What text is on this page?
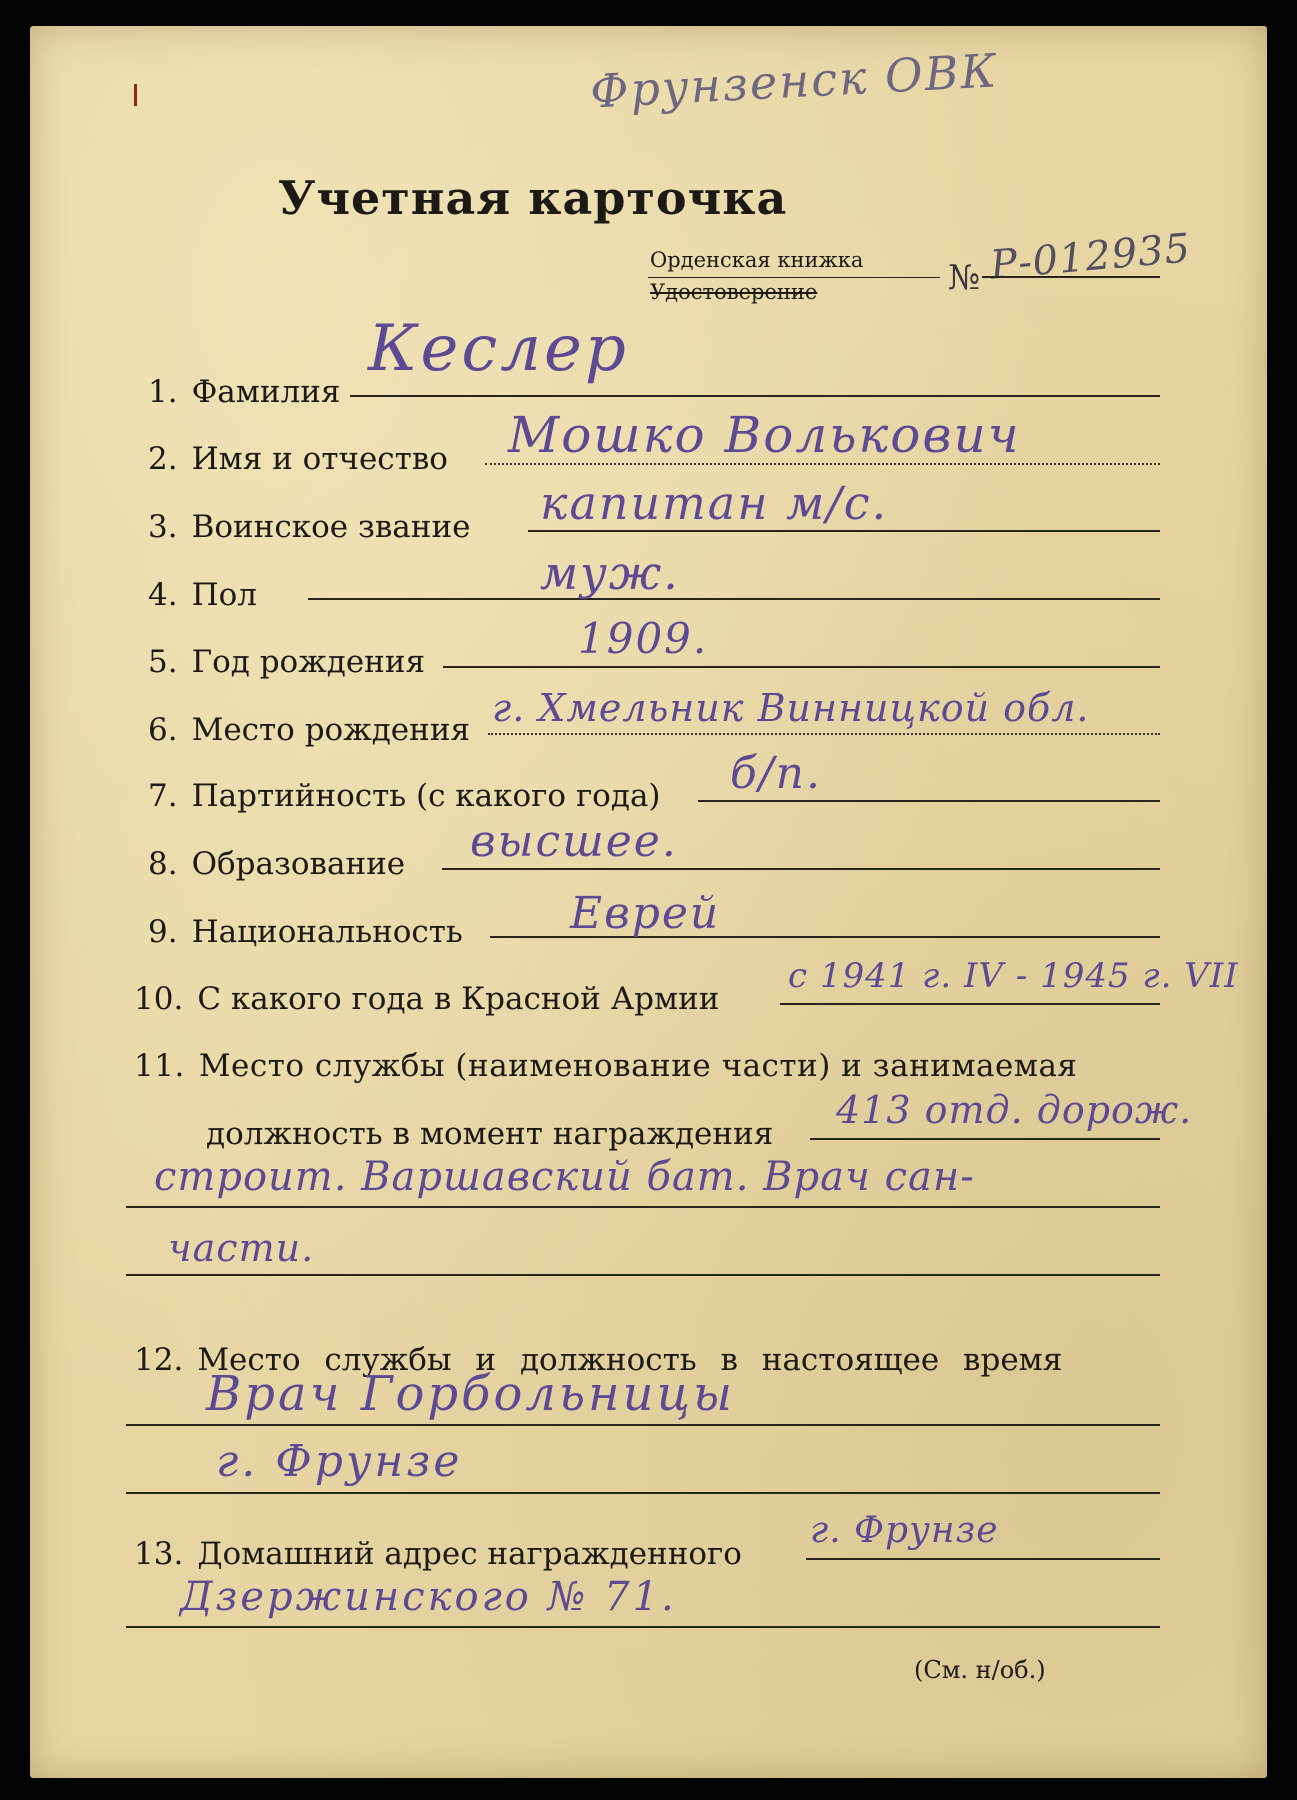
Фрунзенск ОВК
Учетная карточка
Орденская книжка
Удостоверение	№ Р-012935
1. Фамилия
Кеслер
2. Имя и отчество Мошко Волькович
3. Воинское звание капитан м/с.
4. Пол	муж.
5. Год рождения	1909.
6. Место рождения г. Хмельник Винницкой обл.
7. Партийность (с какого года) б/п.
8. Образование высшее.
9. Национальность Еврей
10. С какого года в Красной Армии
с 1941 г. IV - 1945 г. VII
11. Место службы (наименование части) и занимаемая
должность в момент награждения
413 отд. дорож.
строит. Варшавский бат. Врач сан-
части.
12. Место службы и должность в настоящее время
Врач Горбольницы
г. Фрунзе
13. Домашний адрес награжденного
г. Фрунзе
Дзержинского № 71.
(См. н/об.)
